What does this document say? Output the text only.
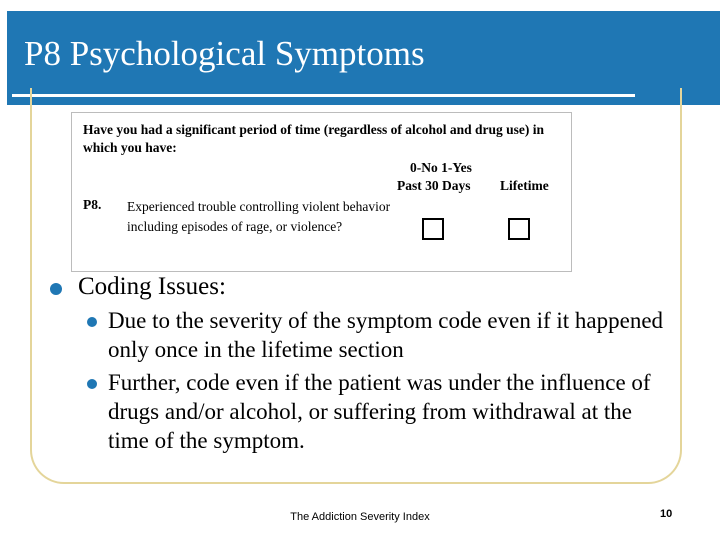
P8 Psychological Symptoms
Have you had a significant period of time (regardless of alcohol and drug use) in which you have:
0-No 1-Yes
Past 30 Days Lifetime
P8. Experienced trouble controlling violent behavior including episodes of rage, or violence?
Coding Issues:
Due to the severity of the symptom code even if it happened only once in the lifetime section
Further, code even if the patient was under the influence of drugs and/or alcohol, or suffering from withdrawal at the time of the symptom.
The Addiction Severity Index	10
